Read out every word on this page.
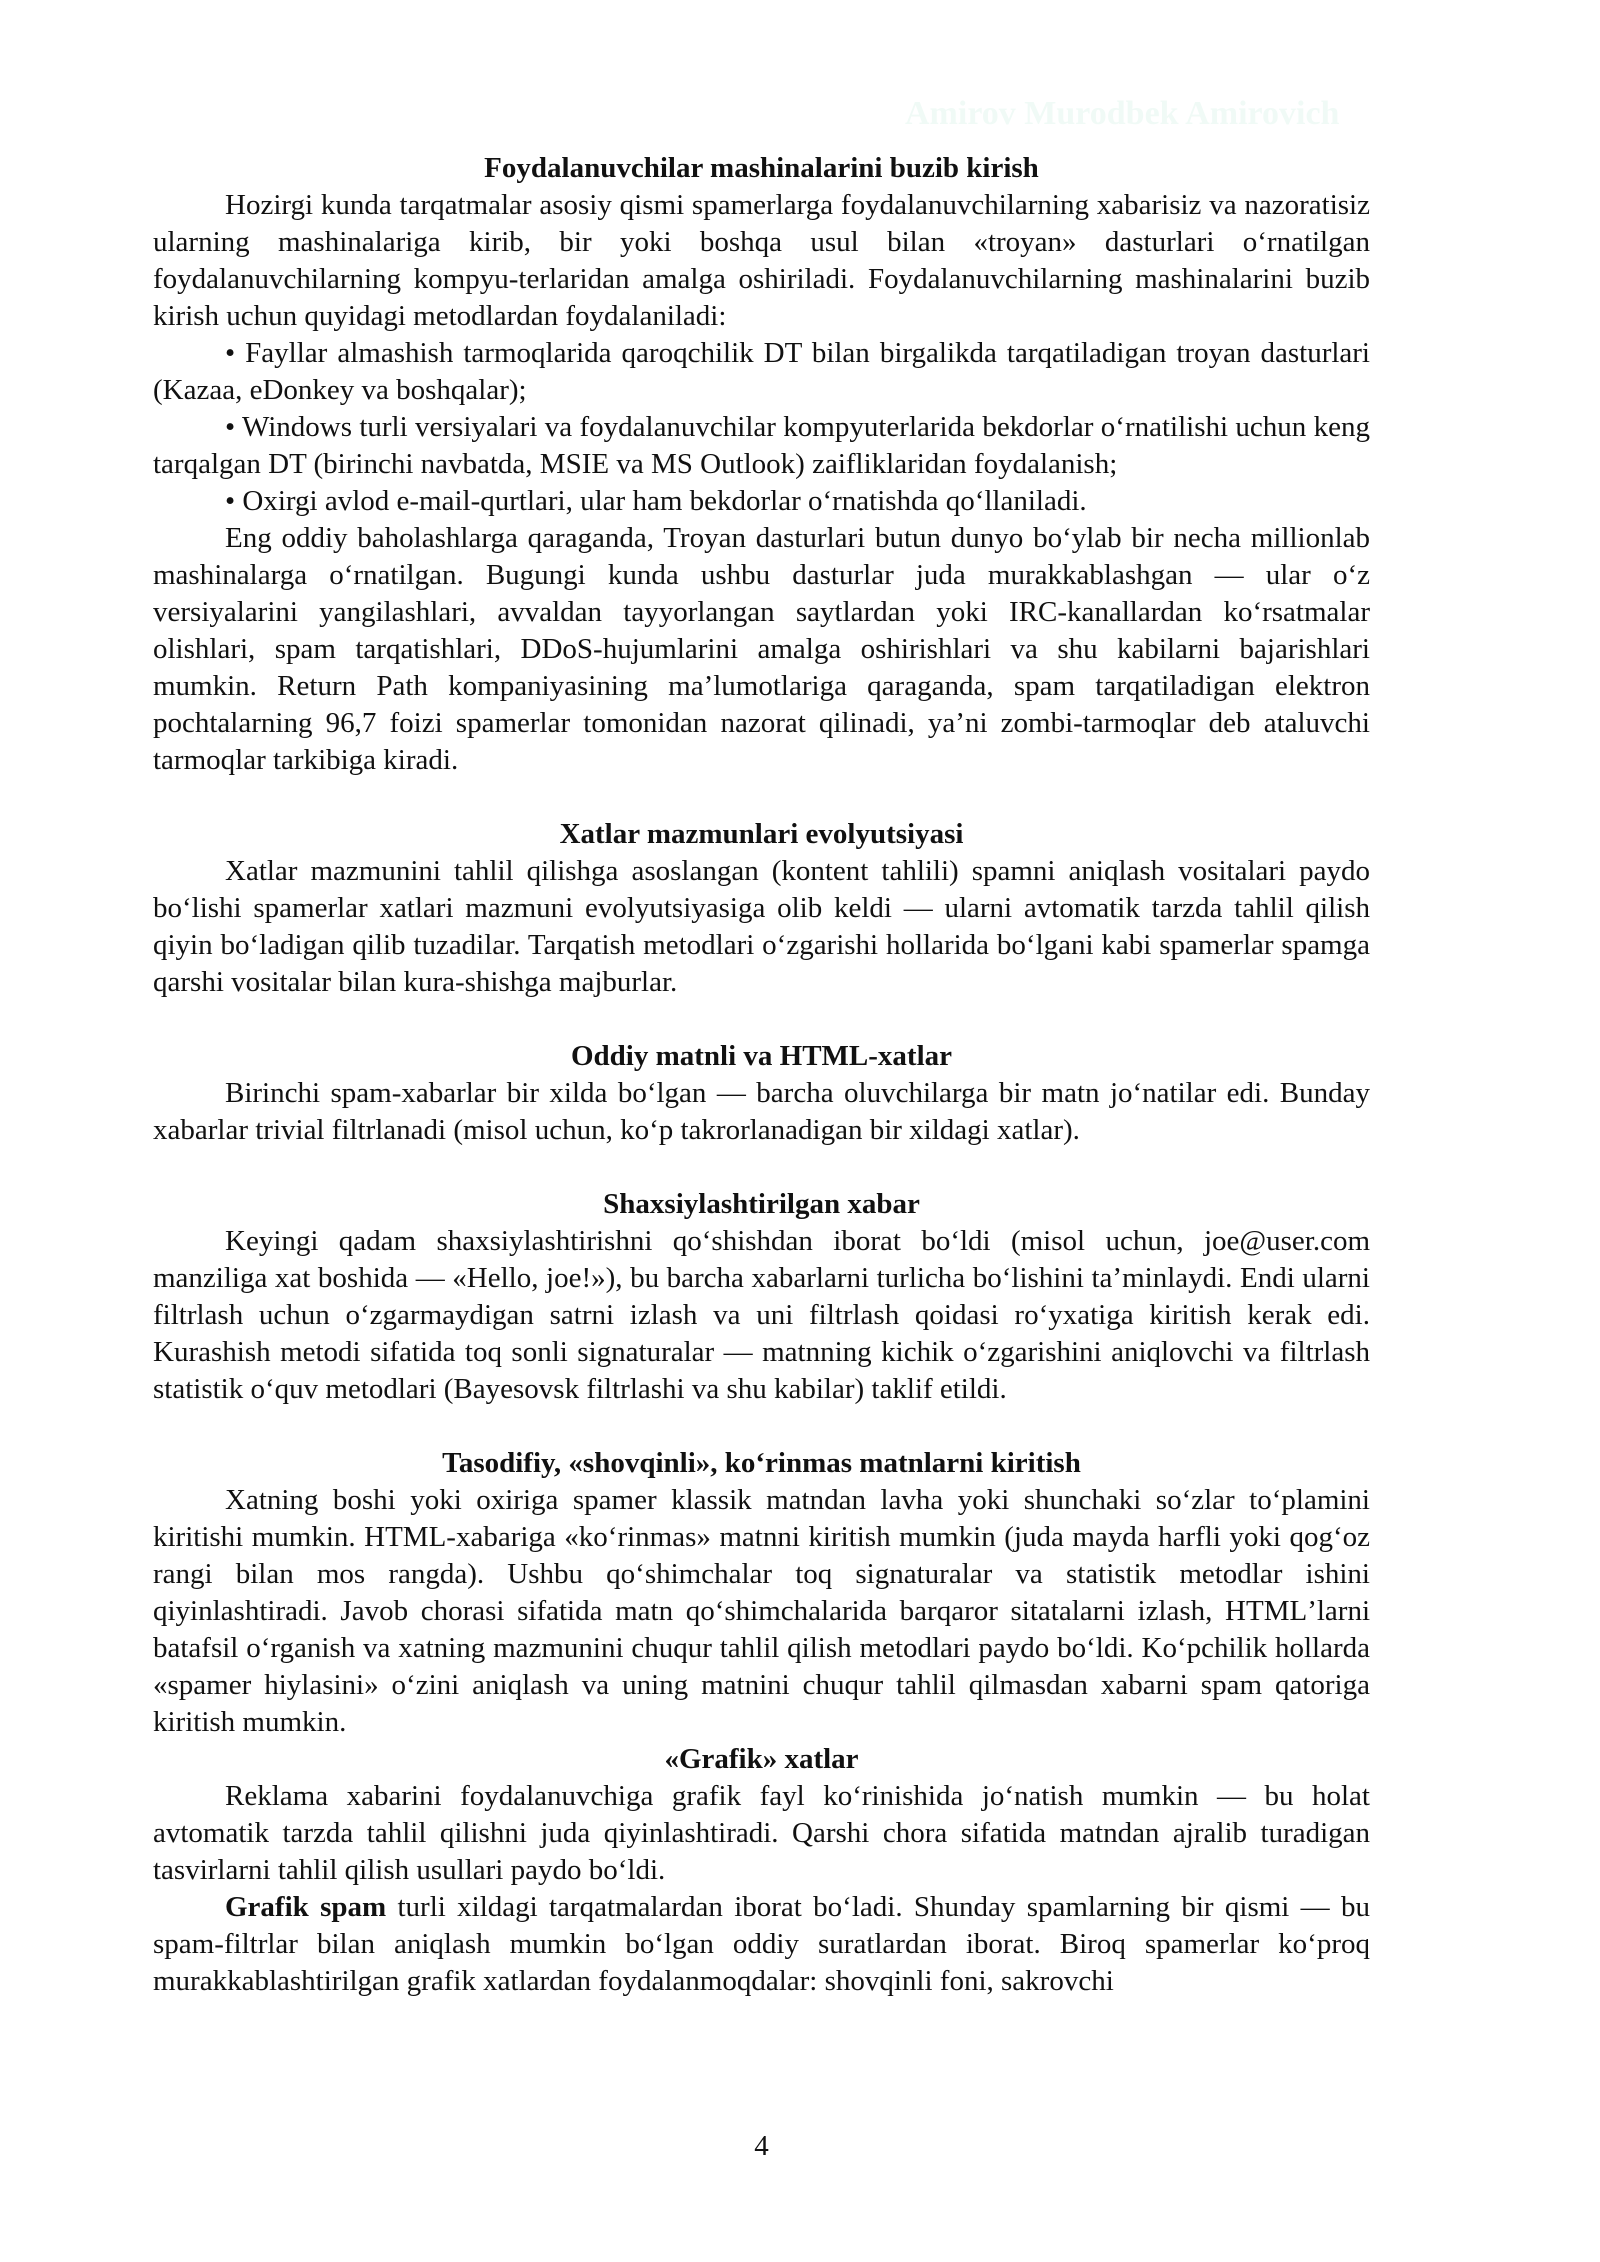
Amirov Murodbek Amirovich
Foydalanuvchilar mashinalarini buzib kirish

Hozirgi kunda tarqatmalar asosiy qismi spamerlarga foydalanuvchilarning xabarisiz va nazoratisiz ularning mashinalariga kirib, bir yoki boshqa usul bilan «troyan» dasturlari oʻrnatilgan foydalanuvchilarning kompyu-terlaridan amalga oshiriladi. Foydalanuvchilarning mashinalarini buzib kirish uchun quyidagi metodlardan foydalaniladi:

• Fayllar almashish tarmoqlarida qaroqchilik DT bilan birgalikda tarqatiladigan troyan dasturlari (Kazaa, eDonkey va boshqalar);

• Windows turli versiyalari va foydalanuvchilar kompyuterlarida bekdorlar oʻrnatilishi uchun keng tarqalgan DT (birinchi navbatda, MSIE va MS Outlook) zaifliklaridan foydalanish;

• Oxirgi avlod e-mail-qurtlari, ular ham bekdorlar oʻrnatishda qoʻllaniladi.

Eng oddiy baholashlarga qaraganda, Troyan dasturlari butun dunyo boʻylab bir necha millionlab mashinalarga oʻrnatilgan. Bugungi kunda ushbu dasturlar juda murakkablashgan — ular oʻz versiyalarini yangilashlari, avvaldan tayyorlangan saytlardan yoki IRC-kanallardan koʻrsatmalar olishlari, spam tarqatishlari, DDoS-hujumlarini amalga oshirishlari va shu kabilarni bajarishlari mumkin. Return Path kompaniyasining maʼlumotlariga qaraganda, spam tarqatiladigan elektron pochtalarning 96,7 foizi spamerlar tomonidan nazorat qilinadi, yaʼni zombi-tarmoqlar deb ataluvchi tarmoqlar tarkibiga kiradi.

Xatlar mazmunlari evolyutsiyasi

Xatlar mazmunini tahlil qilishga asoslangan (kontent tahlili) spamni aniqlash vositalari paydo boʻlishi spamerlar xatlari mazmuni evolyutsiyasiga olib keldi — ularni avtomatik tarzda tahlil qilish qiyin boʻladigan qilib tuzadilar. Tarqatish metodlari oʻzgarishi hollarida boʻlgani kabi spamerlar spamga qarshi vositalar bilan kura-shishga majburlar.

Oddiy matnli va HTML-xatlar

Birinchi spam-xabarlar bir xilda boʻlgan — barcha oluvchilarga bir matn joʻnatilar edi. Bunday xabarlar trivial filtrlanadi (misol uchun, koʻp takrorlanadigan bir xildagi xatlar).

Shaxsiylashtirilgan xabar

Keyingi qadam shaxsiylashtirishni qoʻshishdan iborat boʻldi (misol uchun, joe@user.com manziliga xat boshida — «Hello, joe!»), bu barcha xabarlarni turlicha boʻlishini taʼminlaydi. Endi ularni filtrlash uchun oʻzgarmaydigan satrni izlash va uni filtrlash qoidasi roʻyxatiga kiritish kerak edi. Kurashish metodi sifatida toq sonli signaturalar — matnning kichik oʻzgarishini aniqlovchi va filtrlash statistik oʻquv metodlari (Bayesovsk filtrlashi va shu kabilar) taklif etildi.

Tasodifiy, «shovqinli», koʻrinmas matnlarni kiritish

Xatning boshi yoki oxiriga spamer klassik matndan lavha yoki shunchaki soʻzlar toʻplamini kiritishi mumkin. HTML-xabariga «koʻrinmas» matnni kiritish mumkin (juda mayda harfli yoki qogʻoz rangi bilan mos rangda). Ushbu qoʻshimchalar toq signaturalar va statistik metodlar ishini qiyinlashtiradi. Javob chorasi sifatida matn qoʻshimchalarida barqaror sitatalarni izlash, HTMLʼlarni batafsil oʻrganish va xatning mazmunini chuqur tahlil qilish metodlari paydo boʻldi. Koʻpchilik hollarda «spamer hiylasini» oʻzini aniqlash va uning matnini chuqur tahlil qilmasdan xabarni spam qatoriga kiritish mumkin.

«Grafik» xatlar

Reklama xabarini foydalanuvchiga grafik fayl koʻrinishida joʻnatish mumkin — bu holat avtomatik tarzda tahlil qilishni juda qiyinlashtiradi. Qarshi chora sifatida matndan ajralib turadigan tasvirlarni tahlil qilish usullari paydo boʻldi.

Grafik spam turli xildagi tarqatmalardan iborat boʻladi. Shunday spamlarning bir qismi — bu spam-filtrlar bilan aniqlash mumkin boʻlgan oddiy suratlardan iborat. Biroq spamerlar koʻproq murakkablashtirilgan grafik xatlardan foydalanmoqdalar: shovqinli foni, sakrovchi

4
